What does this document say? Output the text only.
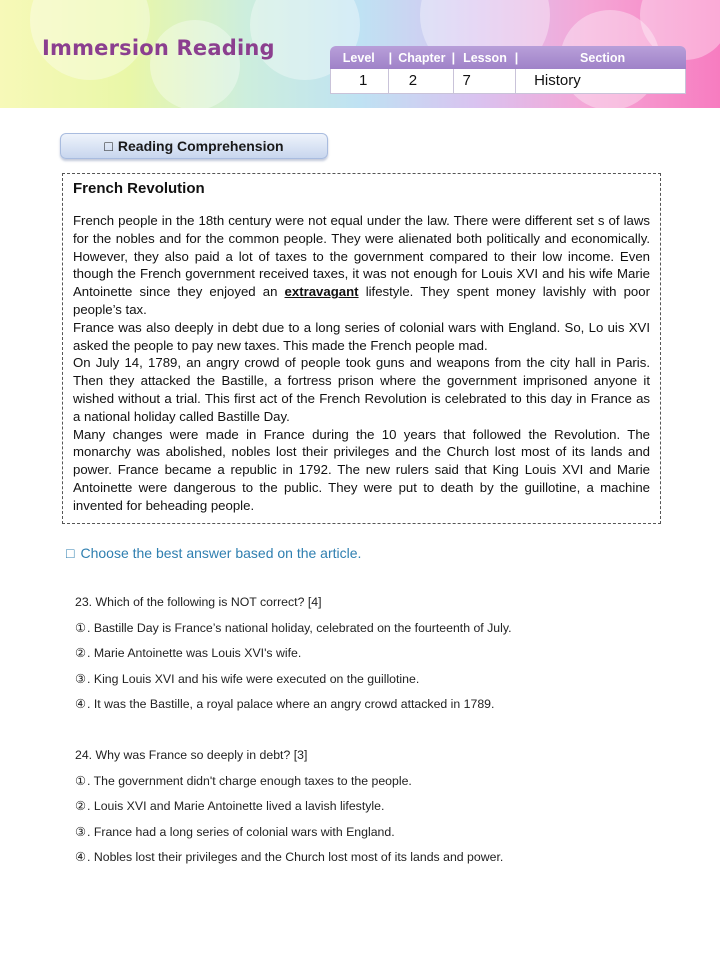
Immersion Reading	Level	| Chapter | Lesson |	Section
1	2	7	History
□ Reading Comprehension
French Revolution

French people in the 18th century were not equal under the law. There were different set s of laws for the nobles and for the common people. They were alienated both politically and economically. However, they also paid a lot of taxes to the government compared to their low income. Even though the French government received taxes, it was not enough for Louis XVI and his wife Marie Antoinette since they enjoyed an extravagant lifestyle. They spent money lavishly with poor people’s tax.

France was also deeply in debt due to a long series of colonial wars with England. So, Lo uis XVI asked the people to pay new taxes. This made the French people mad.

On July 14, 1789, an angry crowd of people took guns and weapons from the city hall in Paris. Then they attacked the Bastille, a fortress prison where the government imprisoned anyone it wished without a trial. This first act of the French Revolution is celebrated to this day in France as a national holiday called Bastille Day.

Many changes were made in France during the 10 years that followed the Revolution. The monarchy was abolished, nobles lost their privileges and the Church lost most of its lands and power. France became a republic in 1792. The new rulers said that King Louis XVI and Marie Antoinette were dangerous to the public. They were put to death by the guillotine, a machine invented for beheading people.

□ Choose the best answer based on the article.
23. Which of the following is NOT correct? [4]
①. Bastille Day is France’s national holiday, celebrated on the fourteenth of July.
②. Marie Antoinette was Louis XVI's wife.
③. King Louis XVI and his wife were executed on the guillotine.
④. It was the Bastille, a royal palace where an angry crowd attacked in 1789.
24. Why was France so deeply in debt? [3]
①. The government didn't charge enough taxes to the people.
②. Louis XVI and Marie Antoinette lived a lavish lifestyle.
③. France had a long series of colonial wars with England.
④. Nobles lost their privileges and the Church lost most of its lands and power.
